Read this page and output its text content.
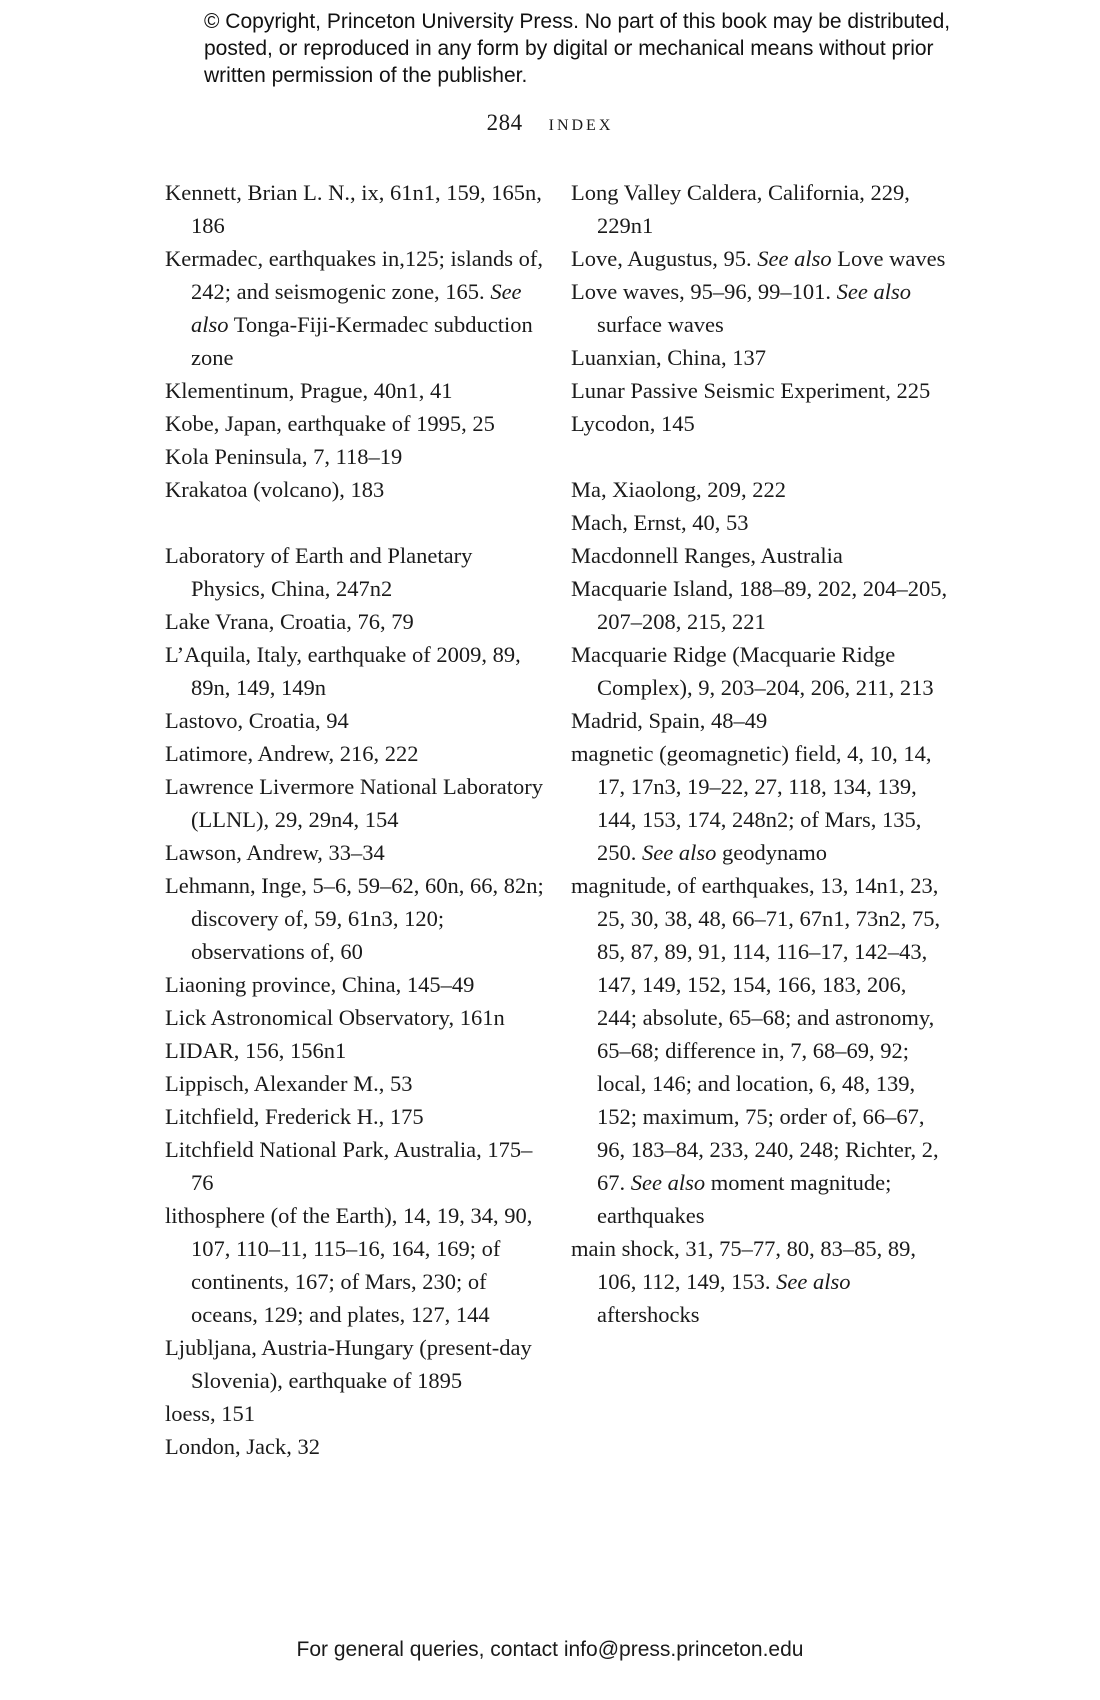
© Copyright, Princeton University Press. No part of this book may be distributed, posted, or reproduced in any form by digital or mechanical means without prior written permission of the publisher.
284 index

Kennett, Brian L. N., ix, 61n1, 159, 165n, 186

Kermadec, earthquakes in,125; islands of, 242; and seismogenic zone, 165. See also Tonga-Fiji-Kermadec subduction zone

Klementinum, Prague, 40n1, 41

Kobe, Japan, earthquake of 1995, 25

Kola Peninsula, 7, 118–19

Krakatoa (volcano), 183

Laboratory of Earth and Planetary Physics, China, 247n2

Lake Vrana, Croatia, 76, 79

L’Aquila, Italy, earthquake of 2009, 89, 89n, 149, 149n

Lastovo, Croatia, 94

Latimore, Andrew, 216, 222

Lawrence Livermore National Laboratory (LLNL), 29, 29n4, 154

Lawson, Andrew, 33–34

Lehmann, Inge, 5–6, 59–62, 60n, 66, 82n; discovery of, 59, 61n3, 120; observations of, 60

Liaoning province, China, 145–49

Lick Astronomical Observatory, 161n

LIDAR, 156, 156n1

Lippisch, Alexander M., 53

Litchfield, Frederick H., 175

Litchfield National Park, Australia, 175–76

lithosphere (of the Earth), 14, 19, 34, 90, 107, 110–11, 115–16, 164, 169; of continents, 167; of Mars, 230; of oceans, 129; and plates, 127, 144

Ljubljana, Austria-Hungary (present-day Slovenia), earthquake of 1895

loess, 151

London, Jack, 32

Long Valley Caldera, California, 229, 229n1

Love, Augustus, 95. See also Love waves

Love waves, 95–96, 99–101. See also surface waves

Luanxian, China, 137

Lunar Passive Seismic Experiment, 225

Lycodon, 145

Ma, Xiaolong, 209, 222

Mach, Ernst, 40, 53

Macdonnell Ranges, Australia

Macquarie Island, 188–89, 202, 204–205, 207–208, 215, 221

Macquarie Ridge (Macquarie Ridge Complex), 9, 203–204, 206, 211, 213

Madrid, Spain, 48–49

magnetic (geomagnetic) field, 4, 10, 14, 17, 17n3, 19–22, 27, 118, 134, 139, 144, 153, 174, 248n2; of Mars, 135, 250. See also geodynamo

magnitude, of earthquakes, 13, 14n1, 23, 25, 30, 38, 48, 66–71, 67n1, 73n2, 75, 85, 87, 89, 91, 114, 116–17, 142–43, 147, 149, 152, 154, 166, 183, 206, 244; absolute, 65–68; and astronomy, 65–68; difference in, 7, 68–69, 92; local, 146; and location, 6, 48, 139, 152; maximum, 75; order of, 66–67, 96, 183–84, 233, 240, 248; Richter, 2, 67. See also moment magnitude; earthquakes

main shock, 31, 75–77, 80, 83–85, 89, 106, 112, 149, 153. See also aftershocks

For general queries, contact info@press.princeton.edu
